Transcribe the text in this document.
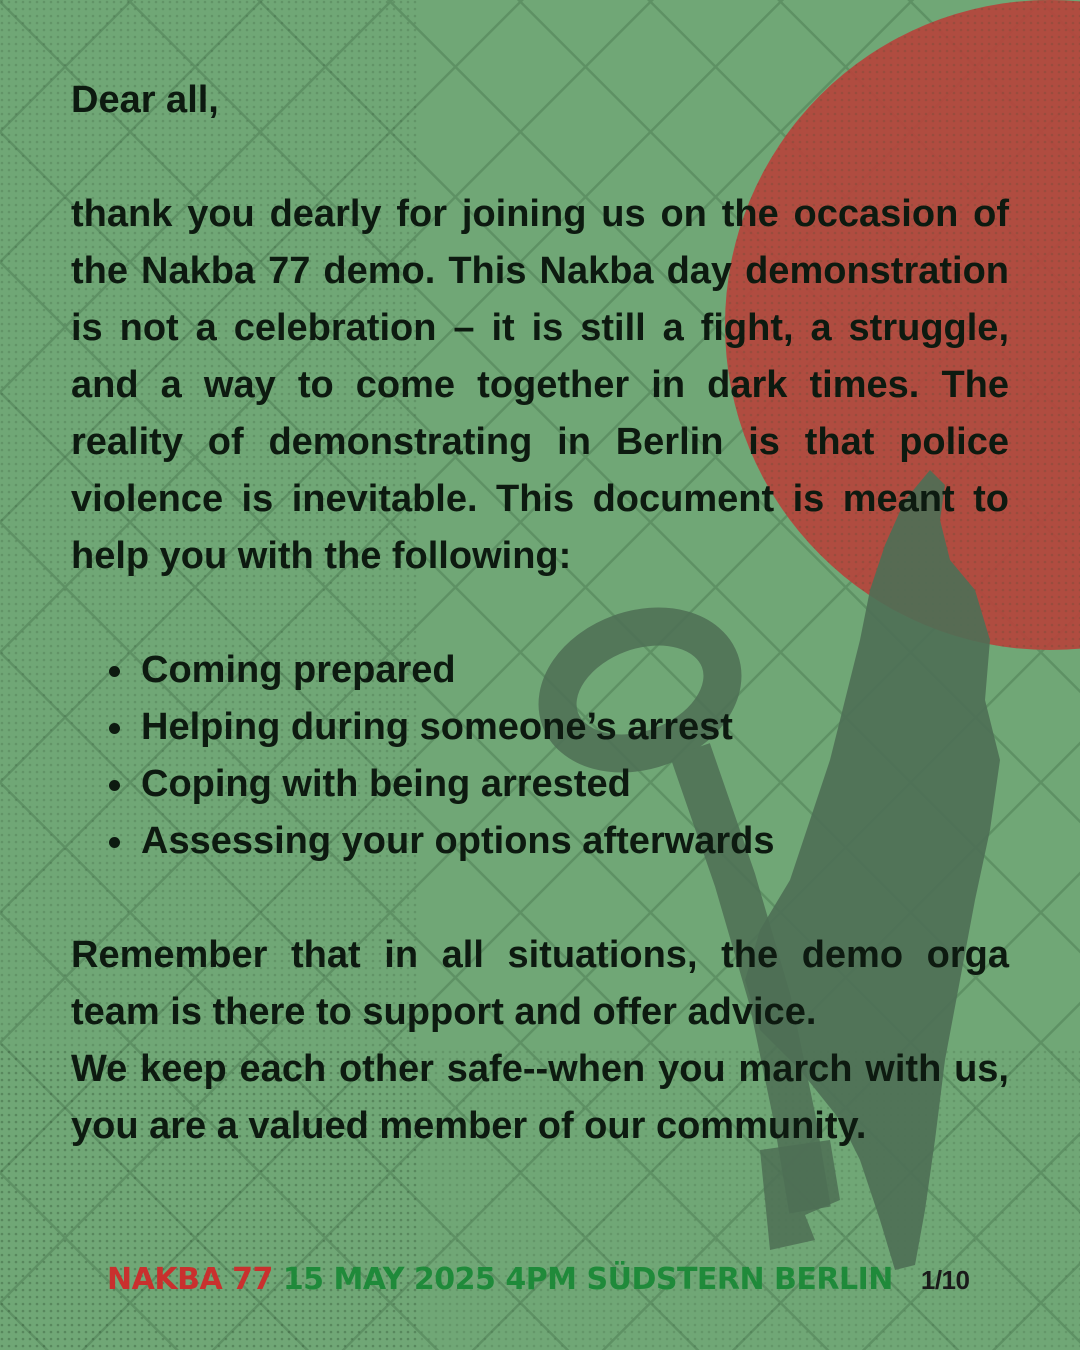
Dear all,

thank you dearly for joining us on the occasion of the Nakba 77 demo. This Nakba day demonstration is not a celebration – it is still a fight, a struggle, and a way to come together in dark times. The reality of demonstrating in Berlin is that police violence is inevitable. This document is meant to help you with the following:

Coming prepared
Helping during someone’s arrest
Coping with being arrested
Assessing your options afterwards

Remember that in all situations, the demo orga team is there to support and offer advice.

We keep each other safe--when you march with us, you are a valued member of our community.

NAKBA 77 15 MAY 2025 4PM SÜDSTERN BERLIN 1/10
